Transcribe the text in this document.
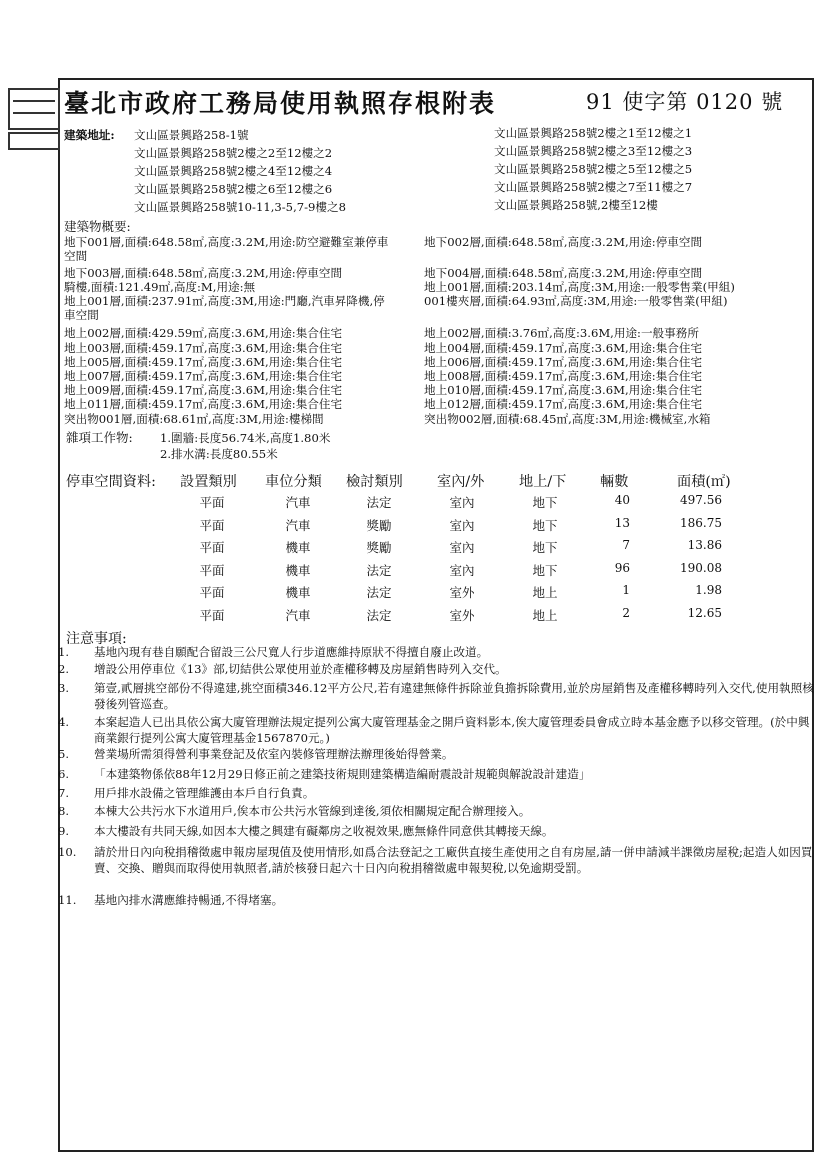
臺北市政府工務局使用執照存根附表	91 使字第 0120 號
建築地址: 文山區景興路258-1號
文山區景興路258號2樓之2至12樓之2
文山區景興路258號2樓之4至12樓之4
文山區景興路258號2樓之6至12樓之6
文山區景興路258號10-11,3-5,7-9樓之8
文山區景興路258號2樓之1至12樓之1
文山區景興路258號2樓之3至12樓之3
文山區景興路258號2樓之5至12樓之5
文山區景興路258號2樓之7至11樓之7
文山區景興路258號,2樓至12樓
建築物概要:
地下001層,面積:648.58㎡,高度:3.2M,用途:防空避難室兼停車	地下002層,面積:648.58㎡,高度:3.2M,用途:停車空間
空間
地下003層,面積:648.58㎡,高度:3.2M,用途:停車空間	地下004層,面積:648.58㎡,高度:3.2M,用途:停車空間
騎樓,面積:121.49㎡,高度:M,用途:無	地上001層,面積:203.14㎡,高度:3M,用途:一般零售業(甲組)
地上001層,面積:237.91㎡,高度:3M,用途:門廳,汽車昇降機,停	001樓夾層,面積:64.93㎡,高度:3M,用途:一般零售業(甲組)
車空間
地上002層,面積:429.59㎡,高度:3.6M,用途:集合住宅	地上002層,面積:3.76㎡,高度:3.6M,用途:一般事務所
地上003層,面積:459.17㎡,高度:3.6M,用途:集合住宅	地上004層,面積:459.17㎡,高度:3.6M,用途:集合住宅
地上005層,面積:459.17㎡,高度:3.6M,用途:集合住宅	地上006層,面積:459.17㎡,高度:3.6M,用途:集合住宅
地上007層,面積:459.17㎡,高度:3.6M,用途:集合住宅	地上008層,面積:459.17㎡,高度:3.6M,用途:集合住宅
地上009層,面積:459.17㎡,高度:3.6M,用途:集合住宅	地上010層,面積:459.17㎡,高度:3.6M,用途:集合住宅
地上011層,面積:459.17㎡,高度:3.6M,用途:集合住宅	地上012層,面積:459.17㎡,高度:3.6M,用途:集合住宅
突出物001層,面積:68.61㎡,高度:3M,用途:樓梯間	突出物002層,面積:68.45㎡,高度:3M,用途:機械室,水箱
雜項工作物: 1.圍牆:長度56.74米,高度1.80米
2.排水溝:長度80.55米
停車空間資料: 設置類別 車位分類 檢討類別 室內/外 地上/下 輛數	面積(㎡)
平面	汽車	法定	室內	地下	40	497.56
平面	汽車	獎勵	室內	地下	13	186.75
平面	機車	獎勵	室內	地下	7	13.86
平面	機車	法定	室內	地下	96	190.08
平面	機車	法定	室外	地上	1	1.98
平面	汽車	法定	室外	地上	2	12.65
注意事項:
1. 基地內現有巷自願配合留設三公尺寬人行步道應維持原狀不得擅自廢止改道。
2. 增設公用停車位《13》部,切結供公眾使用並於產權移轉及房屋銷售時列入交代。
3. 第壹,貳層挑空部份不得違建,挑空面積346.12平方公尺,若有違建無條件拆除並負擔拆除費用,並於房屋銷售及產權移轉時列入交代,使用執照核發後列管巡查。
4. 本案起造人已出具依公寓大廈管理辦法規定提列公寓大廈管理基金之開戶資料影本,俟大廈管理委員會成立時本基金應予以移交管理。(於中興商業銀行提列公寓大廈管理基金1567870元。)
5. 營業場所需須得營利事業登記及依室內裝修管理辦法辦理後始得營業。
6. 「本建築物係依88年12月29日修正前之建築技術規則建築構造編耐震設計規範與解說設計建造」
7. 用戶排水設備之管理維護由本戶自行負責。
8. 本棟大公共污水下水道用戶,俟本市公共污水管線到達後,須依相關規定配合辦理接入。
9. 本大樓設有共同天線,如因本大樓之興建有礙鄰房之收視效果,應無條件同意供其轉接天線。
10. 請於卅日內向稅捐稽徵處申報房屋現值及使用情形,如爲合法登記之工廠供直接生產使用之自有房屋,請一併申請減半課徵房屋稅;起造人如因買賣、交換、贈與而取得使用執照者,請於核發日起六十日內向稅捐稽徵處申報契稅,以免逾期受罰。
11. 基地內排水溝應維持暢通,不得堵塞。
